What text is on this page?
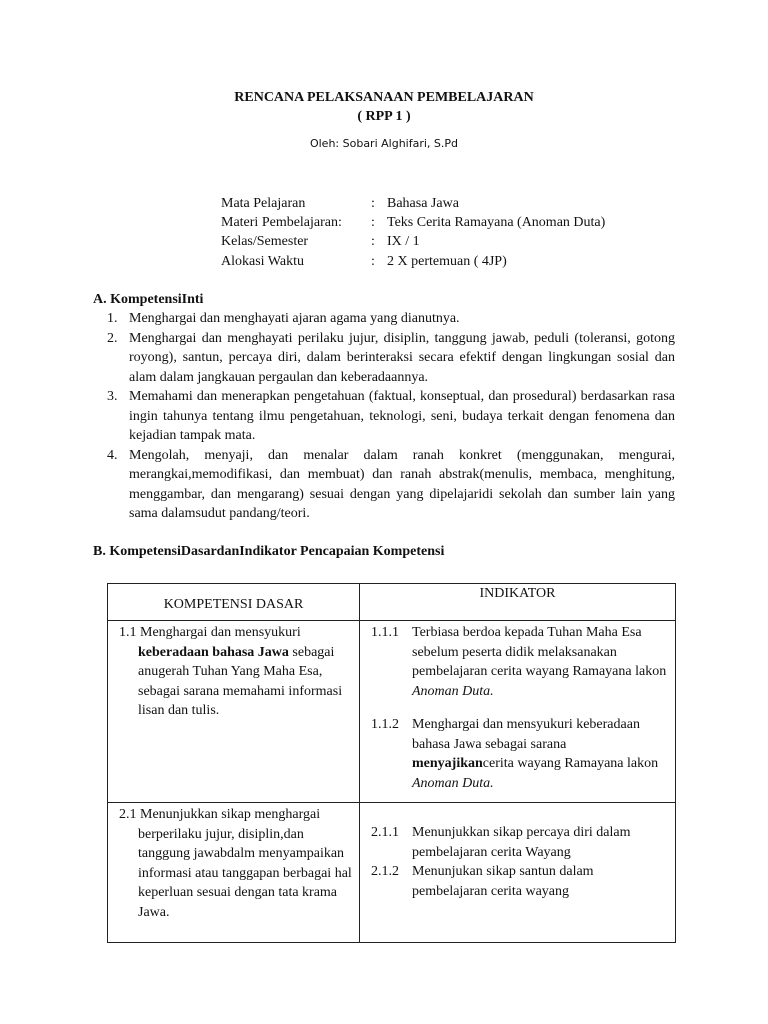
RENCANA PELAKSANAAN PEMBELAJARAN
( RPP 1 )
Oleh: Sobari Alghifari, S.Pd
Mata Pelajaran	: Bahasa Jawa
Materi Pembelajaran: : Teks Cerita Ramayana (Anoman Duta)
Kelas/Semester	: IX / 1
Alokasi Waktu	: 2 X pertemuan ( 4JP)
A. KompetensiInti
1. Menghargai dan menghayati ajaran agama yang dianutnya.
2. Menghargai dan menghayati perilaku jujur, disiplin, tanggung jawab, peduli (toleransi, gotong royong), santun, percaya diri, dalam berinteraksi secara efektif dengan lingkungan sosial dan alam dalam jangkauan pergaulan dan keberadaannya.
3. Memahami dan menerapkan pengetahuan (faktual, konseptual, dan prosedural) berdasarkan rasa ingin tahunya tentang ilmu pengetahuan, teknologi, seni, budaya terkait dengan fenomena dan kejadian tampak mata.
4. Mengolah, menyaji, dan menalar dalam ranah konkret (menggunakan, mengurai, merangkai,memodifikasi, dan membuat) dan ranah abstrak(menulis, membaca, menghitung, menggambar, dan mengarang) sesuai dengan yang dipelajaridi sekolah dan sumber lain yang sama dalamsudut pandang/teori.
B. KompetensiDasardanIndikator Pencapaian Kompetensi
KOMPETENSI DASAR	INDIKATOR

1.1 Menghargai dan mensyukuri keberadaan bahasa Jawa sebagai anugerah Tuhan Yang Maha Esa, sebagai sarana memahami informasi lisan dan tulis.	1.1.1 Terbiasa berdoa kepada Tuhan Maha Esa sebelum peserta didik melaksanakan pembelajaran cerita wayang Ramayana lakon Anoman Duta.

1.1.2 Menghargai dan mensyukuri keberadaan bahasa Jawa sebagai sarana menyajikancerita wayang Ramayana lakon Anoman Duta.

2.1 Menunjukkan sikap menghargai berperilaku jujur, disiplin,dan tanggung jawabdalm menyampaikan informasi atau tanggapan berbagai hal keperluan sesuai dengan tata krama Jawa.	2.1.1 Menunjukkan sikap percaya diri dalam pembelajaran cerita Wayang

2.1.2 Menunjukan sikap santun dalam pembelajaran cerita wayang
